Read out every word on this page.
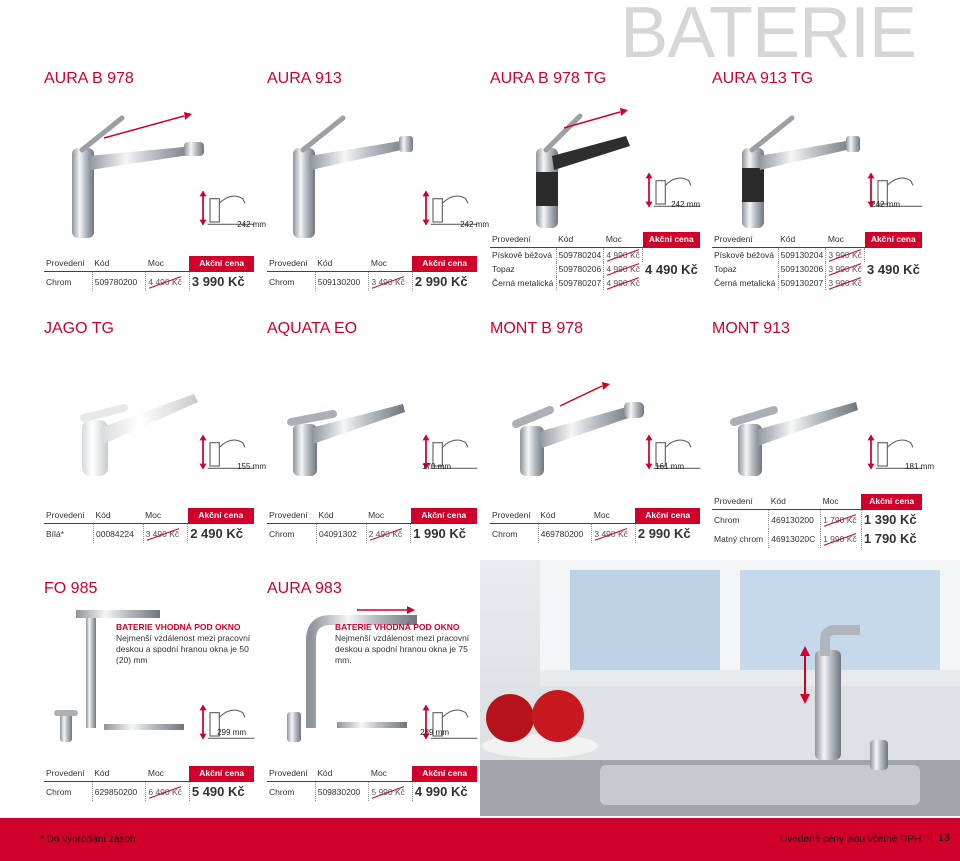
BATERIE
AURA B 978
242 mm
Provedení	Kód	Moc	Akční cena
Chrom	509780200	4 490 Kč	3 990 Kč
AURA 913
242 mm
Provedení	Kód	Moc	Akční cena
Chrom	509130200	3 490 Kč	2 990 Kč
AURA B 978 TG
242 mm
Provedení	Kód	Moc	Akční cena
Pískově béžová	509780204	4 990 Kč	4 490 Kč
Topaz	509780206	4 990 Kč	
Černá metalická	509780207	4 990 Kč	
AURA 913 TG
242 mm
Provedení	Kód	Moc	Akční cena
Pískově béžová	509130204	3 990 Kč	3 490 Kč
Topaz	509130206	3 990 Kč	
Černá metalická	509130207	3 990 Kč	
JAGO TG
155 mm
Provedení	Kód	Moc	Akční cena
Bílá*	00084224	3 490 Kč	2 490 Kč
AQUATA EO
170 mm
Provedení	Kód	Moc	Akční cena
Chrom	04091302	2 490 Kč	1 990 Kč
MONT B 978
161 mm
Provedení	Kód	Moc	Akční cena
Chrom	469780200	3 490 Kč	2 990 Kč
MONT 913
181 mm
Provedení	Kód	Moc	Akční cena
Chrom	469130200	1 790 Kč	1 390 Kč
Matný chrom	46913020C	1 990 Kč	1 790 Kč
FO 985
BATERIE VHODNÁ POD OKNO
Nejmenší vzdálenost mezi pracovní deskou a spodní hranou okna je 50 (20) mm
299 mm
Provedení	Kód	Moc	Akční cena
Chrom	629850200	6 490 Kč	5 490 Kč
AURA 983
BATERIE VHODNÁ POD OKNO
Nejmenší vzdálenost mezi pracovní deskou a spodní hranou okna je 75 mm.
289 mm
Provedení	Kód	Moc	Akční cena
Chrom	509830200	5 990 Kč	4 990 Kč
* Do vyprodání zásob	Uvedené ceny jsou včetně DPH.	13
